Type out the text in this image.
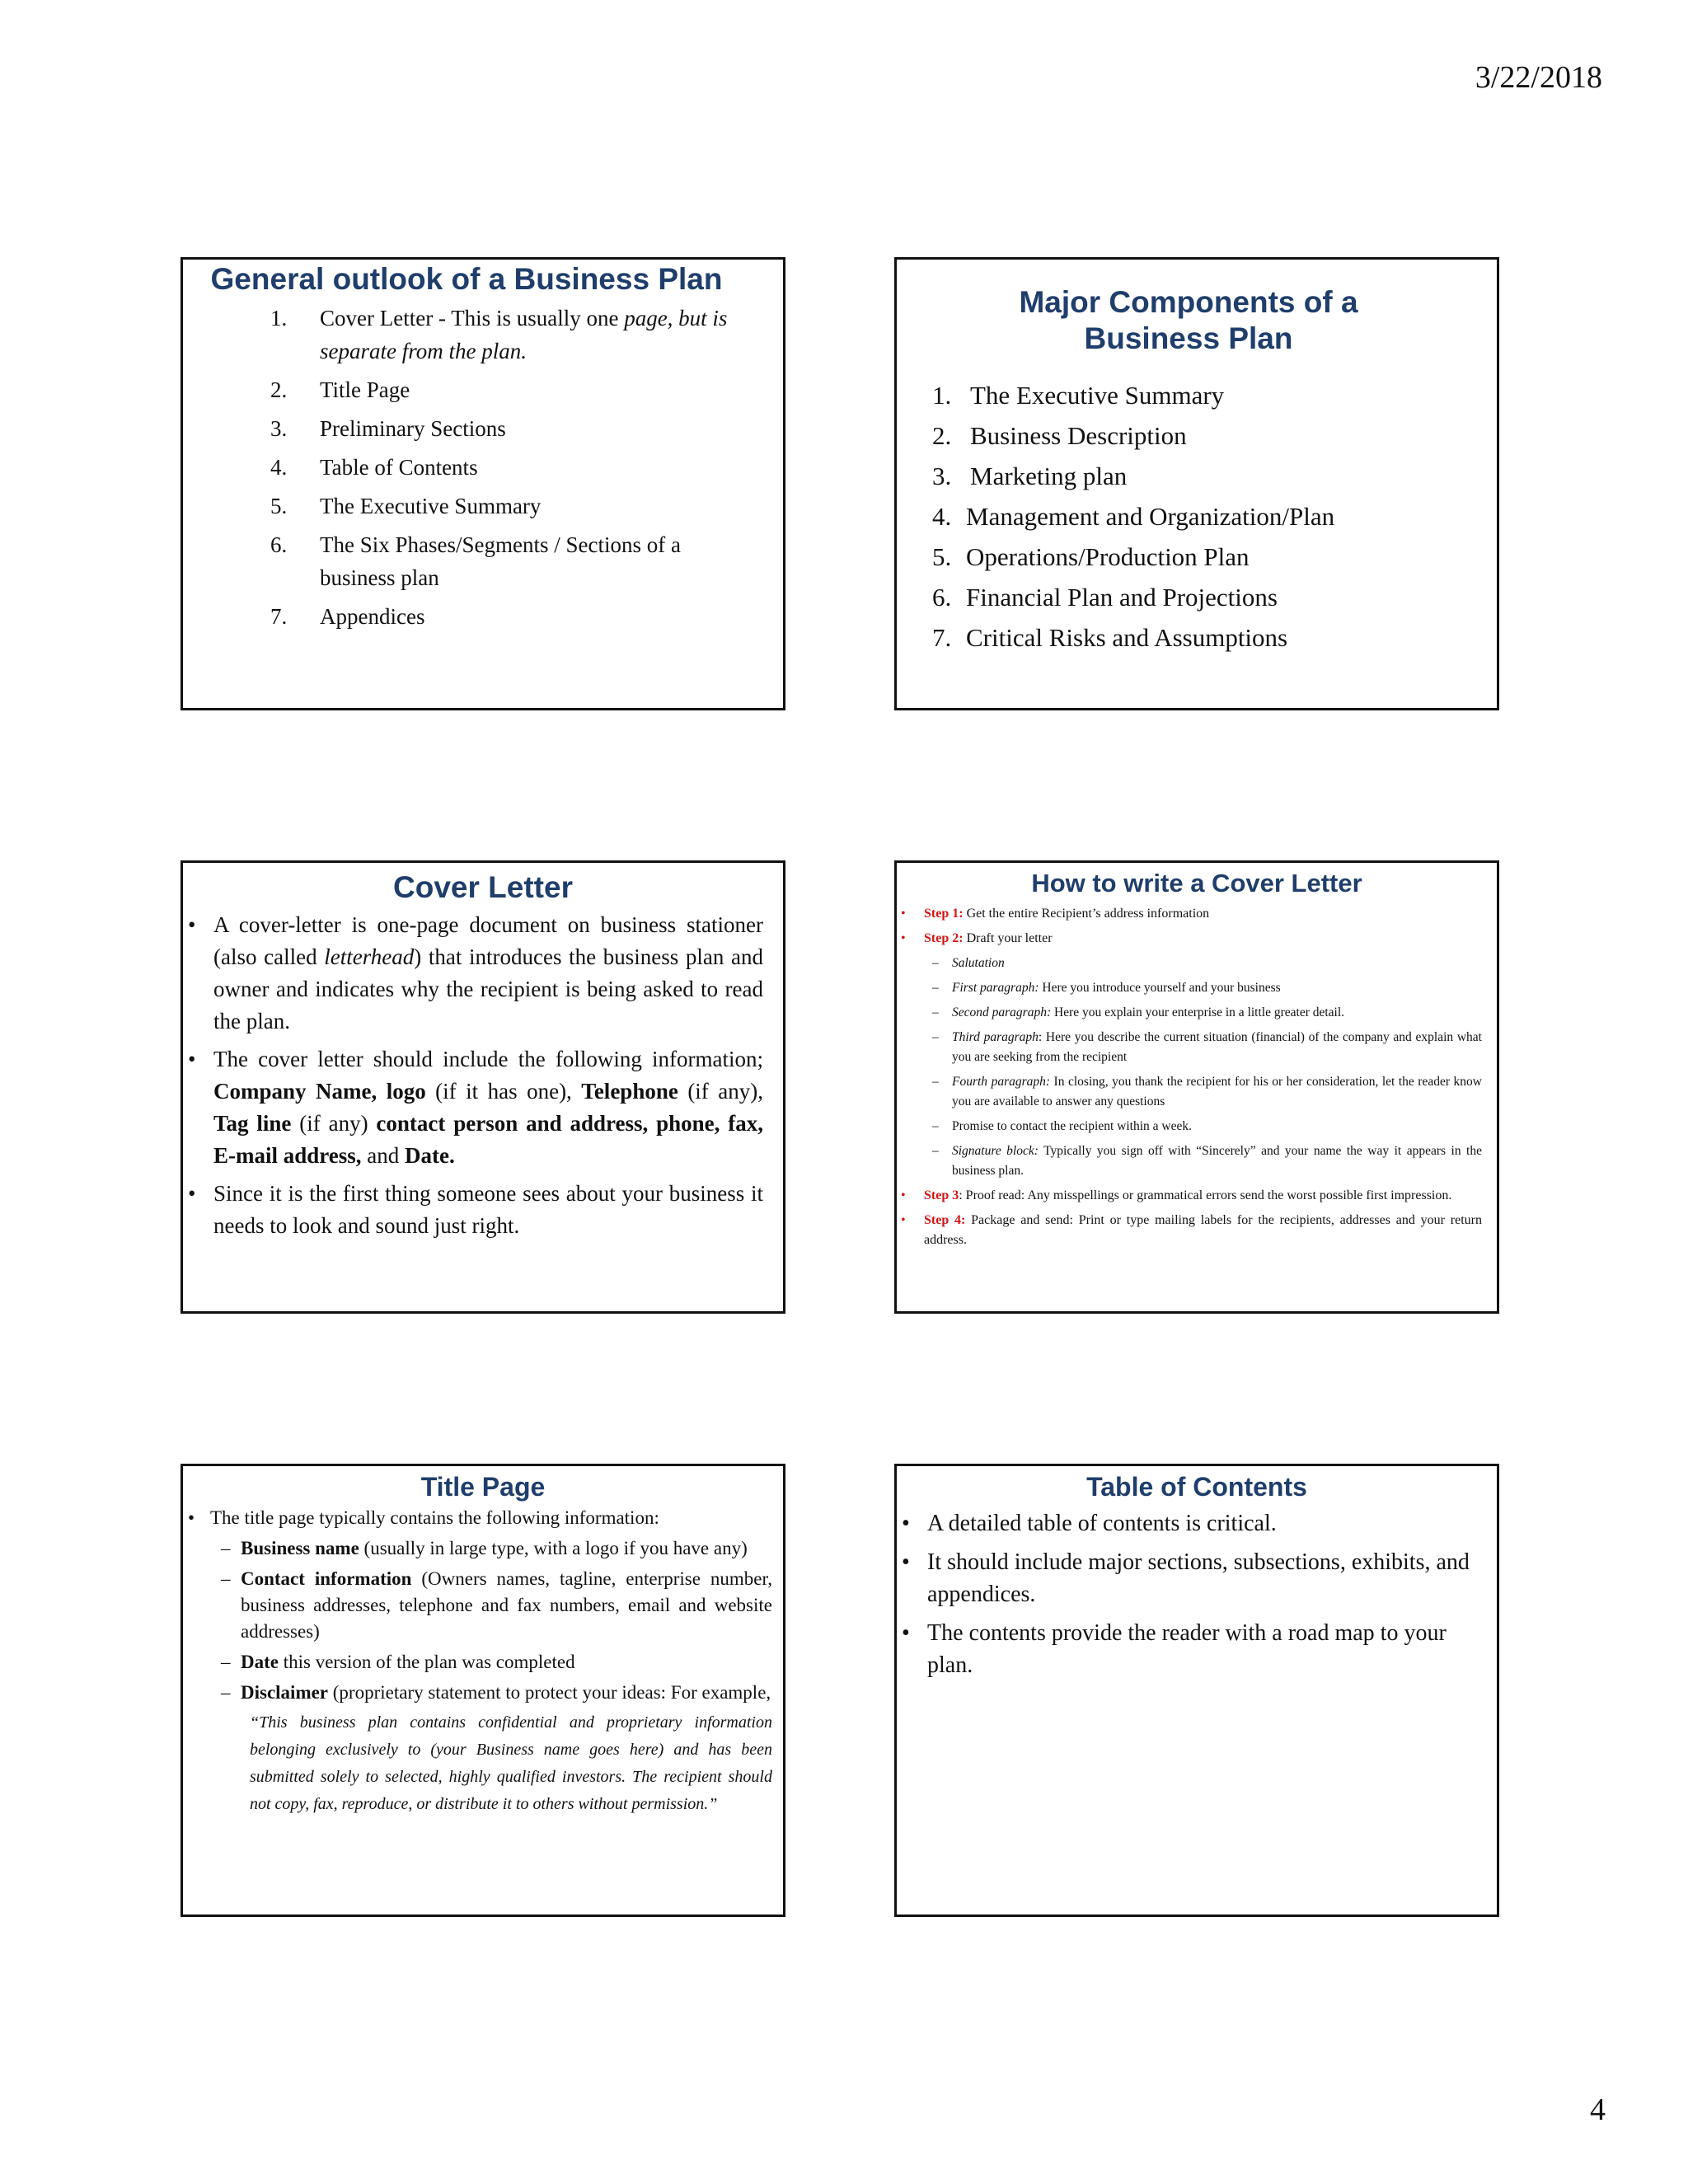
3/22/2018
General outlook of a Business Plan
1.	Cover Letter - This is usually one page, but is separate from the plan.
2.	Title Page
3.	Preliminary Sections
4.	Table of Contents
5.	The Executive Summary
6.	The Six Phases/Segments / Sections of a business plan
7.	Appendices
Major Components of a Business Plan
1. The Executive Summary
2. Business Description
3. Marketing plan
4. Management and Organization/Plan
5. Operations/Production Plan
6. Financial Plan and Projections
7. Critical Risks and Assumptions
Cover Letter
• A cover-letter is one-page document on business stationer (also called letterhead) that introduces the business plan and owner and indicates why the recipient is being asked to read the plan.
• The cover letter should include the following information; Company Name, logo (if it has one), Telephone (if any), Tag line (if any) contact person and address, phone, fax, E-mail address, and Date.
• Since it is the first thing someone sees about your business it needs to look and sound just right.
How to write a Cover Letter
• Step 1: Get the entire Recipient’s address information
• Step 2: Draft your letter
– Salutation
– First paragraph: Here you introduce yourself and your business
– Second paragraph: Here you explain your enterprise in a little greater detail.
– Third paragraph: Here you describe the current situation (financial) of the company and explain what you are seeking from the recipient
– Fourth paragraph: In closing, you thank the recipient for his or her consideration, let the reader know you are available to answer any questions
– Promise to contact the recipient within a week.
– Signature block: Typically you sign off with “Sincerely” and your name the way it appears in the business plan.
• Step 3: Proof read: Any misspellings or grammatical errors send the worst possible first impression.
• Step 4: Package and send: Print or type mailing labels for the recipients, addresses and your return address.
Title Page
• The title page typically contains the following information:
– Business name (usually in large type, with a logo if you have any)
– Contact information (Owners names, tagline, enterprise number, business addresses, telephone and fax numbers, email and website addresses)
– Date this version of the plan was completed
– Disclaimer (proprietary statement to protect your ideas: For example,
“This business plan contains confidential and proprietary information belonging exclusively to (your Business name goes here) and has been submitted solely to selected, highly qualified investors. The recipient should not copy, fax, reproduce, or distribute it to others without permission.”
Table of Contents
• A detailed table of contents is critical.
• It should include major sections, subsections, exhibits, and appendices.
• The contents provide the reader with a road map to your plan.
4
